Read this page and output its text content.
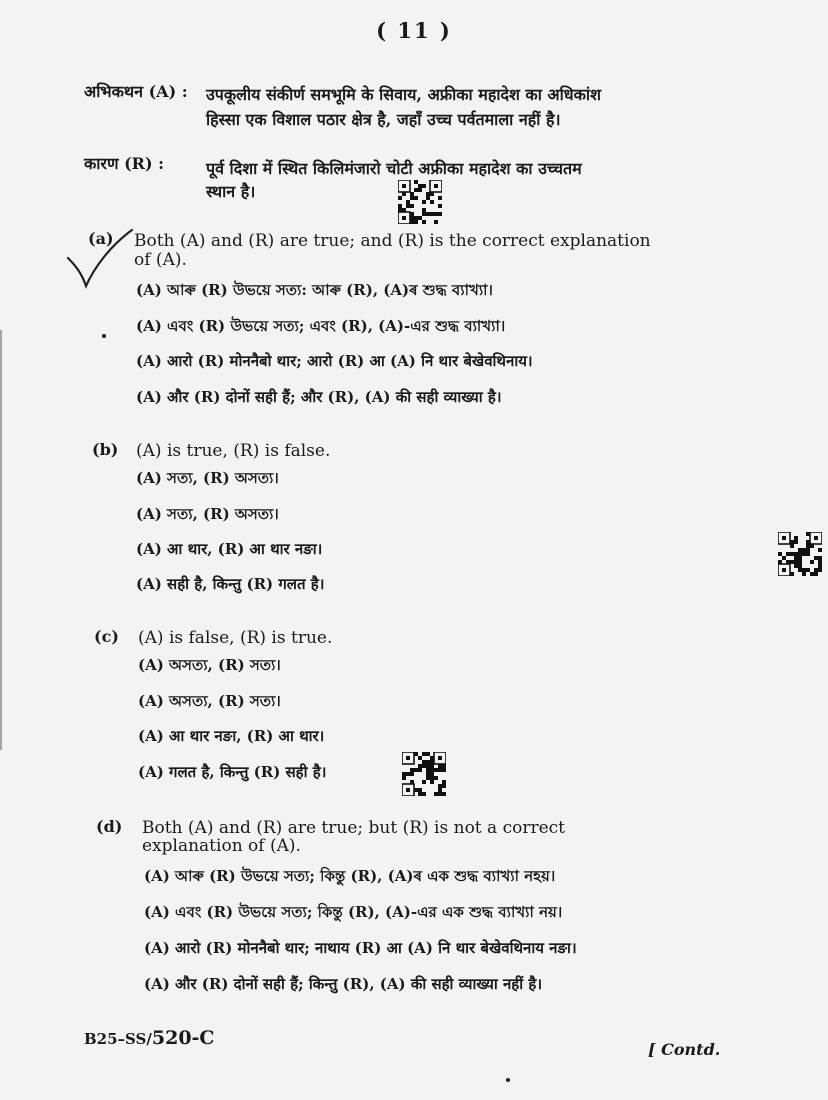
( 11 )
अभिकथन (A) : उपकूलीय संकीर्ण समभूमि के सिवाय, अफ्रीका महादेश का अधिकांश
हिस्सा एक विशाल पठार क्षेत्र है, जहाँ उच्च पर्वतमाला नहीं है।
कारण (R) :	पूर्व दिशा में स्थित किलिमंजारो चोटी अफ्रीका महादेश का उच्चतम
स्थान है।
(a) Both (A) and (R) are true; and (R) is the correct explanation
of (A).
(A) আৰু (R) উভয়ে সত্য: আৰু (R), (A)ৰ শুদ্ধ ব্যাখ্যা।
(A) এবং (R) উভয়ে সত্য; এবং (R), (A)-এর শুদ্ধ ব্যাখ্যা।
(A) आरो (R) मोननैबो थार; आरो (R) आ (A) नि थार बेखेवथिनाय।
(A) और (R) दोनों सही हैं; और (R), (A) की सही व्याख्या है।
(b) (A) is true, (R) is false.
(A) সত্য, (R) অসত্য।
(A) সত্য, (R) অসত্য।
(A) आ थार, (R) आ थार नङा।
(A) सही है, किन्तु (R) गलत है।
(c) (A) is false, (R) is true.
(A) অসত্য, (R) সত্য।
(A) অসত্য, (R) সত্য।
(A) आ थार नङा, (R) आ थार।
(A) गलत है, किन्तु (R) सही है।
(d) Both (A) and (R) are true; but (R) is not a correct
explanation of (A).
(A) আৰু (R) উভয়ে সত্য; কিন্তু (R), (A)ৰ এক শুদ্ধ ব্যাখ্যা নহয়।
(A) এবং (R) উভয়ে সত্য; কিন্তু (R), (A)-এর এক শুদ্ধ ব্যাখ্যা নয়।
(A) आरो (R) मोननैबो थार; नाथाय (R) आ (A) नि थार बेखेवथिनाय नङा।
(A) और (R) दोनों सही हैं; किन्तु (R), (A) की सही व्याख्या नहीं है।
B25–SS/520-C
[ Contd.
